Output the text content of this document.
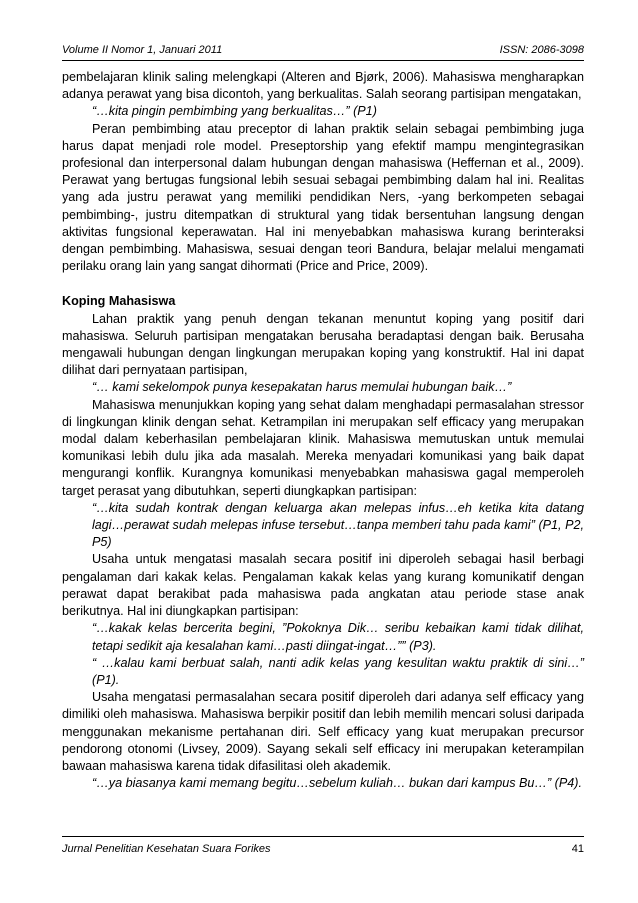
Volume II Nomor 1, Januari 2011	ISSN: 2086-3098

pembelajaran klinik saling melengkapi (Alteren and Bjørk, 2006). Mahasiswa mengharapkan adanya perawat yang bisa dicontoh, yang berkualitas. Salah seorang partisipan mengatakan,

“…kita pingin pembimbing yang berkualitas…” (P1)

Peran pembimbing atau preceptor di lahan praktik selain sebagai pembimbing juga harus dapat menjadi role model. Preseptorship yang efektif mampu mengintegrasikan profesional dan interpersonal dalam hubungan dengan mahasiswa (Heffernan et al., 2009). Perawat yang bertugas fungsional lebih sesuai sebagai pembimbing dalam hal ini. Realitas yang ada justru perawat yang memiliki pendidikan Ners, -yang berkompeten sebagai pembimbing-, justru ditempatkan di struktural yang tidak bersentuhan langsung dengan aktivitas fungsional keperawatan. Hal ini menyebabkan mahasiswa kurang berinteraksi dengan pembimbing. Mahasiswa, sesuai dengan teori Bandura, belajar melalui mengamati perilaku orang lain yang sangat dihormati (Price and Price, 2009).

Koping Mahasiswa

Lahan praktik yang penuh dengan tekanan menuntut koping yang positif dari mahasiswa. Seluruh partisipan mengatakan berusaha beradaptasi dengan baik. Berusaha mengawali hubungan dengan lingkungan merupakan koping yang konstruktif. Hal ini dapat dilihat dari pernyataan partisipan,

“… kami sekelompok punya kesepakatan harus memulai hubungan baik…”

Mahasiswa menunjukkan koping yang sehat dalam menghadapi permasalahan stressor di lingkungan klinik dengan sehat. Ketrampilan ini merupakan self efficacy yang merupakan modal dalam keberhasilan pembelajaran klinik. Mahasiswa memutuskan untuk memulai komunikasi lebih dulu jika ada masalah. Mereka menyadari komunikasi yang baik dapat mengurangi konflik. Kurangnya komunikasi menyebabkan mahasiswa gagal memperoleh target perasat yang dibutuhkan, seperti diungkapkan partisipan:

“…kita sudah kontrak dengan keluarga akan melepas infus…eh ketika kita datang lagi…perawat sudah melepas infuse tersebut…tanpa memberi tahu pada kami” (P1, P2, P5)

Usaha untuk mengatasi masalah secara positif ini diperoleh sebagai hasil berbagi pengalaman dari kakak kelas. Pengalaman kakak kelas yang kurang komunikatif dengan perawat dapat berakibat pada mahasiswa pada angkatan atau periode stase anak berikutnya. Hal ini diungkapkan partisipan:

“…kakak kelas bercerita begini, ”Pokoknya Dik… seribu kebaikan kami tidak dilihat, tetapi sedikit aja kesalahan kami…pasti diingat-ingat…”” (P3).

“ …kalau kami berbuat salah, nanti adik kelas yang kesulitan waktu praktik di sini…” (P1).

Usaha mengatasi permasalahan secara positif diperoleh dari adanya self efficacy yang dimiliki oleh mahasiswa. Mahasiswa berpikir positif dan lebih memilih mencari solusi daripada menggunakan mekanisme pertahanan diri. Self efficacy yang kuat merupakan precursor pendorong otonomi (Livsey, 2009). Sayang sekali self efficacy ini merupakan keterampilan bawaan mahasiswa karena tidak difasilitasi oleh akademik.

“…ya biasanya kami memang begitu…sebelum kuliah… bukan dari kampus Bu…” (P4).

Jurnal Penelitian Kesehatan Suara Forikes	41
